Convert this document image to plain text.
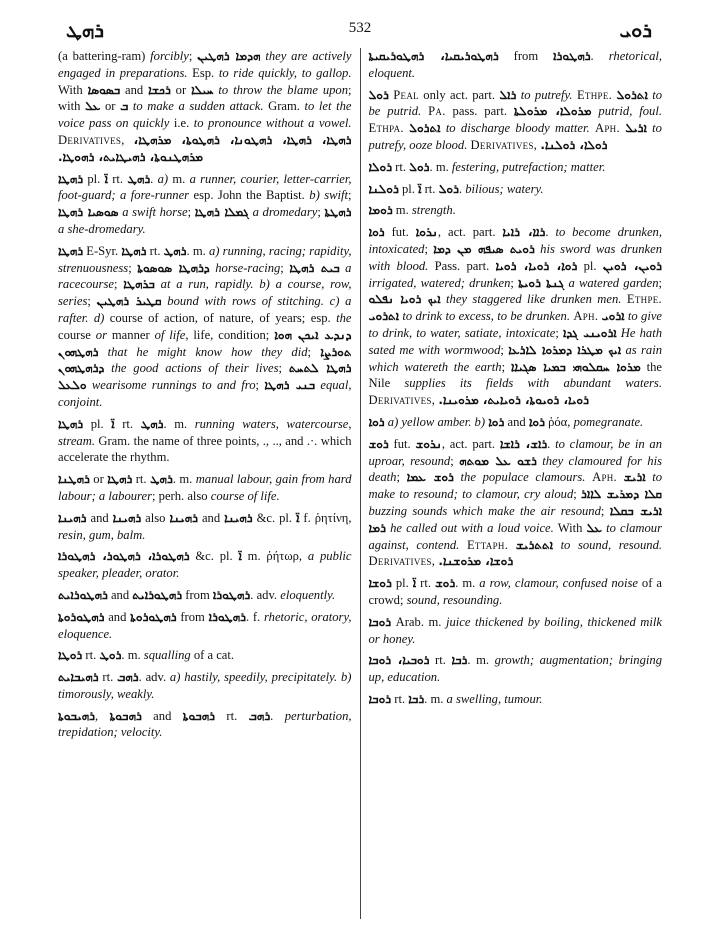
ܪܗܛ	532	ܪܘܝ

(a battering-ram) forcibly; ܗܕܡܐ ܪܗܛܝܢ they are actively engaged in preparations. Esp. to ride quickly, to gallop. With ܒܣܘܣܐ and ܪܟܫܐ or ܚܝܠܐ to throw the blame upon; with ܥܠ or ܒ to make a sudden attack. Gram. to let the voice pass on quickly i.e. to pronounce without a vowel. Derivatives, ܪܗܛܐ، ܪܗܛܐ، ܪܗܛܘܢܐ، ܪܗܛܘܬܐ، ܡܪܗܛܐ، ܡܪܗܛܢܘܬܐ، ܪܗܝܛܐܝܬ، ܪܗܘܛܐ.

ܪܗܛܐ pl. ܐ̈ rt. ܪܗܛ. a) m. a runner, courier, letter-carrier, foot-guard; a fore-runner esp. John the Baptist. b) swift; ܣܘܣܝܐ ܪܗܛܐ a swift horse; ܓܡܠܐ ܪܗܛܐ a dromedary; ܪܗܛܬܐ a she-dromedary.

ܪܗܛܐ E-Syr. ܪܗܛܐ rt. ܪܗܛ. m. a) running, racing; rapidity, strenuousness; ܕܪܗܛܐ ܣܘܣܘܬܐ horse-racing; ܒܝܬ ܪܗܛܐ a racecourse; ܒܪܗܛܐ at a run, rapidly. b) a course, row, series; ܩܛܝܪ ܪܗܛܝܢ bound with rows of stitching. c) a rafter. d) course of action, of nature, of years; esp. the course or manner of life, life, condition; ܕܢܕܥ ܐܝܟܢ ܗܘܐ ܪܗܛܗܘܢ that he might know how they did; ܬܘܪܨܐ ܕܪܗܛܗܘܢ the good actions of their lives; ܪܗܛܐ ܠܬܚܬ ܘܠܥܠ wearisome runnings to and fro; ܒܢܝ ܪܗܛܐ equal, conjoint.

ܪܗܛܐ pl. ܐ̈ rt. ܪܗܛ. m. running waters, watercourse, stream. Gram. the name of three points, ., .., and .·. which accelerate the rhythm.

ܪܗܛܢܐ or ܪܗܛܐ rt. ܪܗܛ. m. manual labour, gain from hard labour; a labourer; perh. also course of life.

ܪܗܝܢܐ and ܪܗܝܢܐ also ܪܗܝܢܐ and ܪܗܝܢܐ &c. pl. ܐ̈ f. ῥητίνη, resin, gum, balm.

ܪܗܛܘܪܐ، ܪܗܛܘܪ، ܪܗܛܘܪܐ &c. pl. ܐ̈ m. ῥήτωρ, a public speaker, pleader, orator.

ܪܗܛܘܪܐܝܬ and ܪܗܛܘܪܐܝܬ from ܪܗܛܘܪܐ. adv. eloquently.

ܪܗܛܘܪܘܬܐ and ܪܗܛܘܪܘܬܐ from ܪܗܛܘܪܐ. f. rhetoric, oratory, eloquence.

ܪܘܛܐ rt. ܪܘܛ. m. squalling of a cat.

ܪܗܝܒܐܝܬ rt. ܪܗܒ. adv. a) hastily, speedily, precipitately. b) timorously, weakly.

ܪܗܝܒܘܬܐ, ܪܗܒܘܬܐ and ܪܗܒܘܬܐ rt. ܪܗܒ. perturbation, trepidation; velocity.

ܪܗܛܘܪܝܩܝܐ، ܪܗܛܘܪܝܩܝܬܐ from ܪܗܛܘܪܐ. rhetorical, eloquent.

ܪܘܠ Peal only act. part. ܪܐܠ to putrefy. Ethpe. ܐܬܪܘܠ to be putrid. Pa. pass. part. ܡܪܘܠܐ، ܡܪܘܠܬܐ putrid, foul. Ethpa. ܐܬܪܘܠ to discharge bloody matter. Aph. ܐܪܝܠ to putrefy, ooze blood. Derivatives, ܪܘܠܐ، ܪܘܠܢܐ.

ܪܘܠܐ rt. ܪܘܠ. m. festering, putrefaction; matter.

ܪܘܠܢܐ pl. ܐ̈ rt. ܪܘܠ. bilious; watery.

ܪܘܡܐ m. strength.

ܪܘܐ fut. ܢܪܘܐ, act. part. ܪܐܐ، ܪܐܝܐ. to become drunken, intoxicated; ܪܘܝܬ ܣܝܦܗ ܡܢ ܕܡܐ his sword was drunken with blood. Pass. part. ܪܘܐ، ܪܘܝܐ، ܪܘܝܐ pl. ܪܘܝܢ، ܪܘܝܢ irrigated, watered; drunken; ܓܢܬܐ ܪܘܝܬܐ a watered garden; ܐܝܟ ܪܘܝܐ ܢܦܠܘ they staggered like drunken men. Ethpe. ܐܬܪܘܝ to drink to excess, to be drunken. Aph. ܐܪܘܝ to give to drink, to water, satiate, intoxicate; ܐܪܘܝܢܝ ܓܕܐ He hath sated me with wormwood; ܐܝܟ ܡܛܪܐ ܕܡܪܘܐ ܠܐܪܥܐ as rain which watereth the earth; ܡܪܘܐ ܚܩܠܘܗܝ ܒܡܝܐ ܣܓܝܐܐ the Nile supplies its fields with abundant waters. Derivatives, ܪܘܝܐ، ܪܘܝܘܬܐ، ܪܘܝܐܝܬ، ܡܪܘܝܢܐ.

ܪܘܐ a) yellow amber. b) ܪܘܐ and ܪܘܐ ῥόα, pomegranate.

ܪܘܫ fut. ܢܪܘܫ, act. part. ܪܐܫ، ܪܐܫܐ. to clamour, be in an uproar, resound; ܪܫܘ ܥܠ ܡܘܬܗ they clamoured for his death; ܪܘܫ ܥܡܐ the populace clamours. Aph. ܐܪܝܫ to make to resound; to clamour, cry aloud; ܩܠܐ ܕܡܪܝܫ ܠܐܐܪ buzzing sounds which make the air resound; ܐܪܝܫ ܒܩܠܐ ܪܡܐ he called out with a loud voice. With ܥܠ to clamour against, contend. Ettaph. ܐܬܬܪܝܫ to sound, resound. Derivatives, ܪܘܫܐ، ܡܪܘܫܢܐ.

ܪܘܫܐ pl. ܐ̈ rt. ܪܘܫ. m. a row, clamour, confused noise of a crowd; sound, resounding.

ܪܘܒܐ Arab. m. juice thickened by boiling, thickened milk or honey.

ܪܘܒܝܐ، ܪܘܒܐ rt. ܪܒܐ. m. growth; augmentation; bringing up, education.

ܪܘܒܐ rt. ܪܒܐ. m. a swelling, tumour.
